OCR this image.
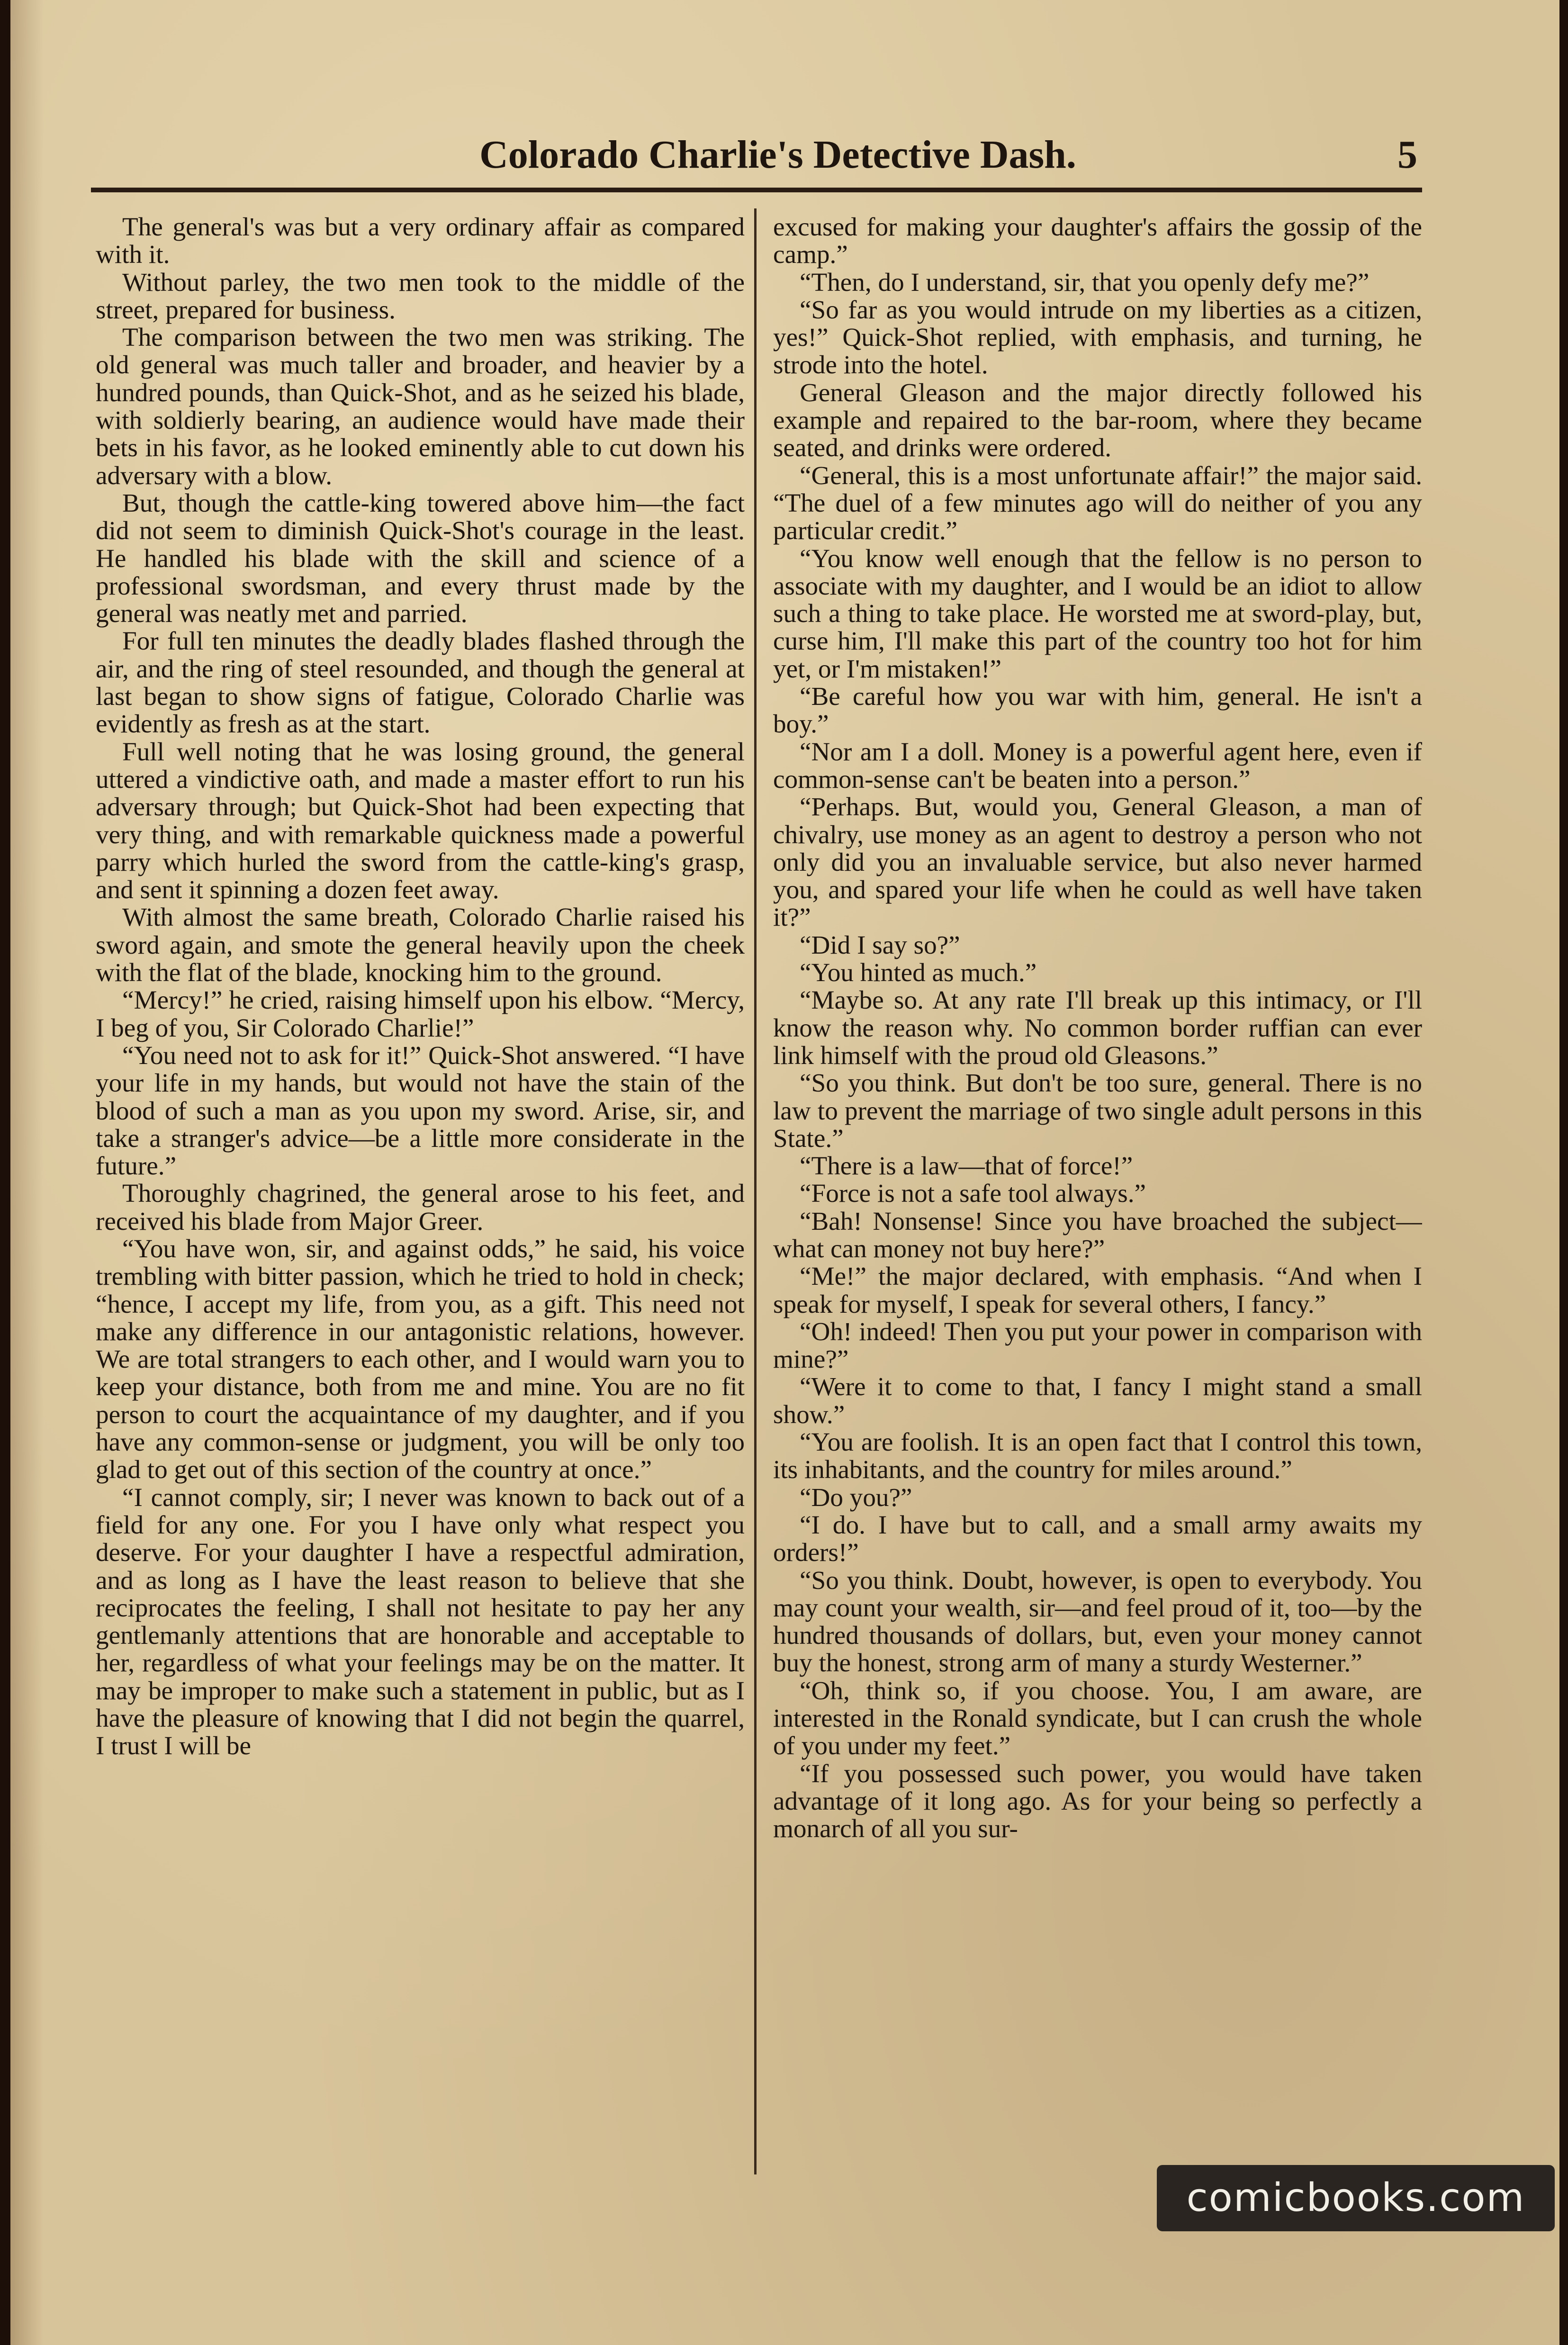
Colorado Charlie's Detective Dash.	5

The general's was but a very ordinary affair as compared with it.

Without parley, the two men took to the middle of the street, prepared for business.

The comparison between the two men was striking. The old general was much taller and broader, and heavier by a hundred pounds, than Quick-Shot, and as he seized his blade, with soldierly bearing, an audience would have made their bets in his favor, as he looked eminently able to cut down his adversary with a blow.

But, though the cattle-king towered above him—the fact did not seem to diminish Quick-Shot's courage in the least. He handled his blade with the skill and science of a professional swordsman, and every thrust made by the general was neatly met and parried.

For full ten minutes the deadly blades flashed through the air, and the ring of steel resounded, and though the general at last began to show signs of fatigue, Colorado Charlie was evidently as fresh as at the start.

Full well noting that he was losing ground, the general uttered a vindictive oath, and made a master effort to run his adversary through; but Quick-Shot had been expecting that very thing, and with remarkable quickness made a powerful parry which hurled the sword from the cattle-king's grasp, and sent it spinning a dozen feet away.

With almost the same breath, Colorado Charlie raised his sword again, and smote the general heavily upon the cheek with the flat of the blade, knocking him to the ground.

“Mercy!” he cried, raising himself upon his elbow. “Mercy, I beg of you, Sir Colorado Charlie!”

“You need not to ask for it!” Quick-Shot answered. “I have your life in my hands, but would not have the stain of the blood of such a man as you upon my sword. Arise, sir, and take a stranger's advice—be a little more considerate in the future.”

Thoroughly chagrined, the general arose to his feet, and received his blade from Major Greer.

“You have won, sir, and against odds,” he said, his voice trembling with bitter passion, which he tried to hold in check; “hence, I accept my life, from you, as a gift. This need not make any difference in our antagonistic relations, however. We are total strangers to each other, and I would warn you to keep your distance, both from me and mine. You are no fit person to court the acquaintance of my daughter, and if you have any common-sense or judgment, you will be only too glad to get out of this section of the country at once.”

“I cannot comply, sir; I never was known to back out of a field for any one. For you I have only what respect you deserve. For your daughter I have a respectful admiration, and as long as I have the least reason to believe that she reciprocates the feeling, I shall not hesitate to pay her any gentlemanly attentions that are honorable and acceptable to her, regardless of what your feelings may be on the matter. It may be improper to make such a statement in public, but as I have the pleasure of knowing that I did not begin the quarrel, I trust I will be

excused for making your daughter's affairs the gossip of the camp.”

“Then, do I understand, sir, that you openly defy me?”

“So far as you would intrude on my liberties as a citizen, yes!” Quick-Shot replied, with emphasis, and turning, he strode into the hotel.

General Gleason and the major directly followed his example and repaired to the bar-room, where they became seated, and drinks were ordered.

“General, this is a most unfortunate affair!” the major said. “The duel of a few minutes ago will do neither of you any particular credit.”

“You know well enough that the fellow is no person to associate with my daughter, and I would be an idiot to allow such a thing to take place. He worsted me at sword-play, but, curse him, I'll make this part of the country too hot for him yet, or I'm mistaken!”

“Be careful how you war with him, general. He isn't a boy.”

“Nor am I a doll. Money is a powerful agent here, even if common-sense can't be beaten into a person.”

“Perhaps. But, would you, General Gleason, a man of chivalry, use money as an agent to destroy a person who not only did you an invaluable service, but also never harmed you, and spared your life when he could as well have taken it?”

“Did I say so?”

“You hinted as much.”

“Maybe so. At any rate I'll break up this intimacy, or I'll know the reason why. No common border ruffian can ever link himself with the proud old Gleasons.”

“So you think. But don't be too sure, general. There is no law to prevent the marriage of two single adult persons in this State.”

“There is a law—that of force!”

“Force is not a safe tool always.”

“Bah! Nonsense! Since you have broached the subject—what can money not buy here?”

“Me!” the major declared, with emphasis. “And when I speak for myself, I speak for several others, I fancy.”

“Oh! indeed! Then you put your power in comparison with mine?”

“Were it to come to that, I fancy I might stand a small show.”

“You are foolish. It is an open fact that I control this town, its inhabitants, and the country for miles around.”

“Do you?”

“I do. I have but to call, and a small army awaits my orders!”

“So you think. Doubt, however, is open to everybody. You may count your wealth, sir—and feel proud of it, too—by the hundred thousands of dollars, but, even your money cannot buy the honest, strong arm of many a sturdy Westerner.”

“Oh, think so, if you choose. You, I am aware, are interested in the Ronald syndicate, but I can crush the whole of you under my feet.”

“If you possessed such power, you would have taken advantage of it long ago. As for your being so perfectly a monarch of all you sur-

comicbooks.com
